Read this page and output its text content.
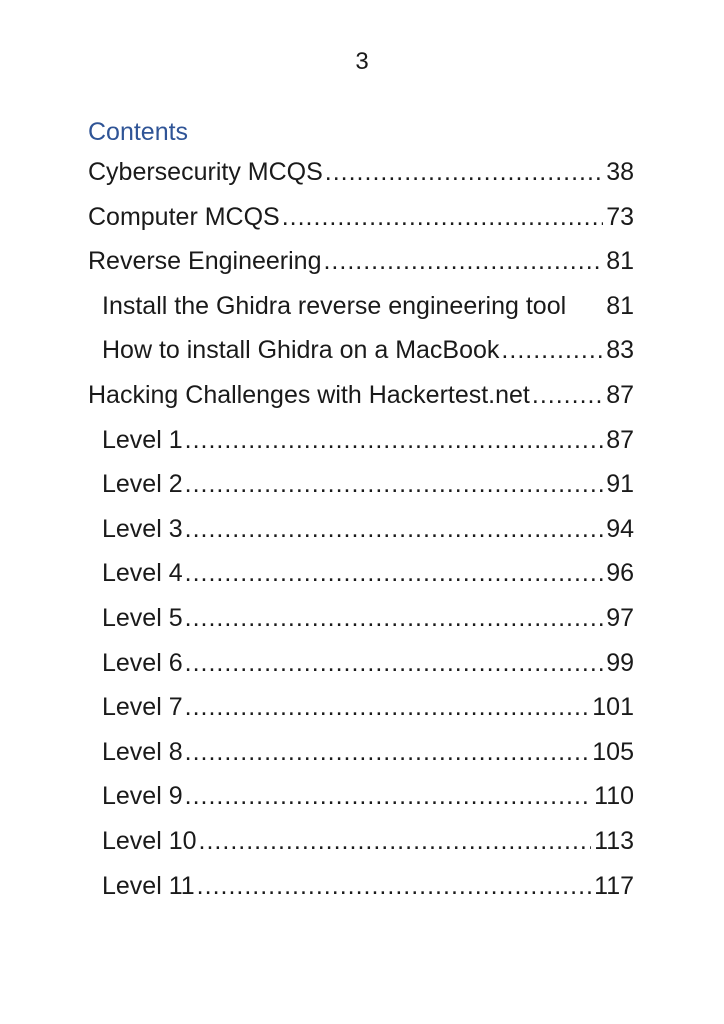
3
Contents
Cybersecurity MCQS .....	38
Computer MCQS .....	73
Reverse Engineering .....	81
Install the Ghidra reverse engineering tool 81
How to install Ghidra on a MacBook .....	83
Hacking Challenges with Hackertest.net .....	87
Level 1 .....	87
Level 2 .....	91
Level 3 .....	94
Level 4 .....	96
Level 5 .....	97
Level 6 .....	99
Level 7 .....	101
Level 8 .....	105
Level 9 .....	110
Level 10 .....	113
Level 11 .....	117
